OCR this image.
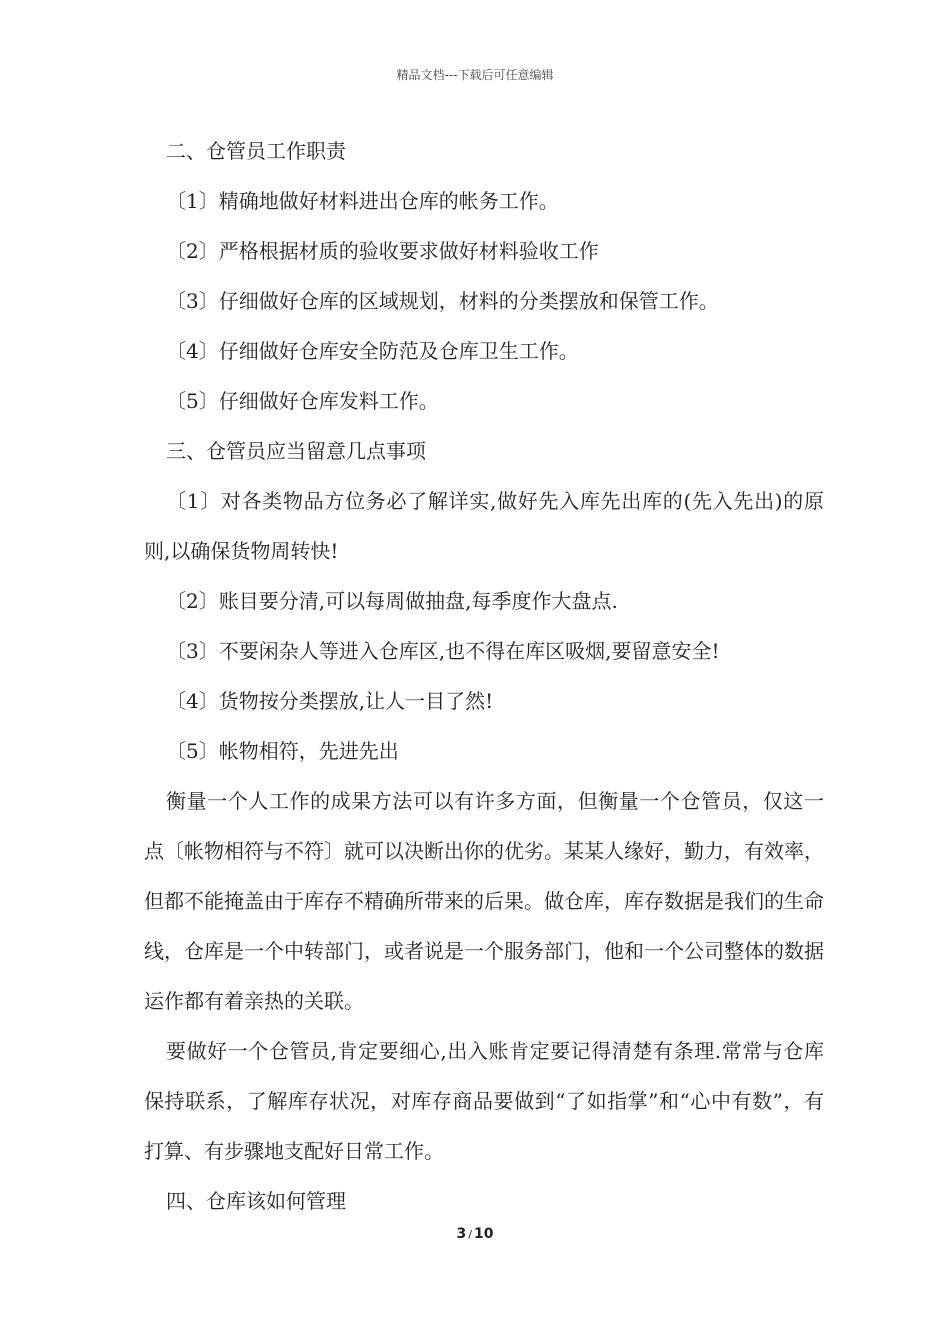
精品文档---下载后可任意编辑

二、仓管员工作职责

〔1〕精确地做好材料进出仓库的帐务工作。

〔2〕严格根据材质的验收要求做好材料验收工作

〔3〕仔细做好仓库的区域规划，材料的分类摆放和保管工作。

〔4〕仔细做好仓库安全防范及仓库卫生工作。

〔5〕仔细做好仓库发料工作。

三、仓管员应当留意几点事项

〔1〕对各类物品方位务必了解详实,做好先入库先出库的(先入先出)的原则,以确保货物周转快!

〔2〕账目要分清,可以每周做抽盘,每季度作大盘点.

〔3〕不要闲杂人等进入仓库区,也不得在库区吸烟,要留意安全!

〔4〕货物按分类摆放,让人一目了然!

〔5〕帐物相符，先进先出

衡量一个人工作的成果方法可以有许多方面，但衡量一个仓管员，仅这一点〔帐物相符与不符〕就可以决断出你的优劣。某某人缘好，勤力，有效率，但都不能掩盖由于库存不精确所带来的后果。做仓库，库存数据是我们的生命线，仓库是一个中转部门，或者说是一个服务部门，他和一个公司整体的数据运作都有着亲热的关联。

要做好一个仓管员,肯定要细心,出入账肯定要记得清楚有条理.常常与仓库保持联系，了解库存状况，对库存商品要做到“了如指掌”和“心中有数”，有打算、有步骤地支配好日常工作。

四、仓库该如何管理

3 / 10
